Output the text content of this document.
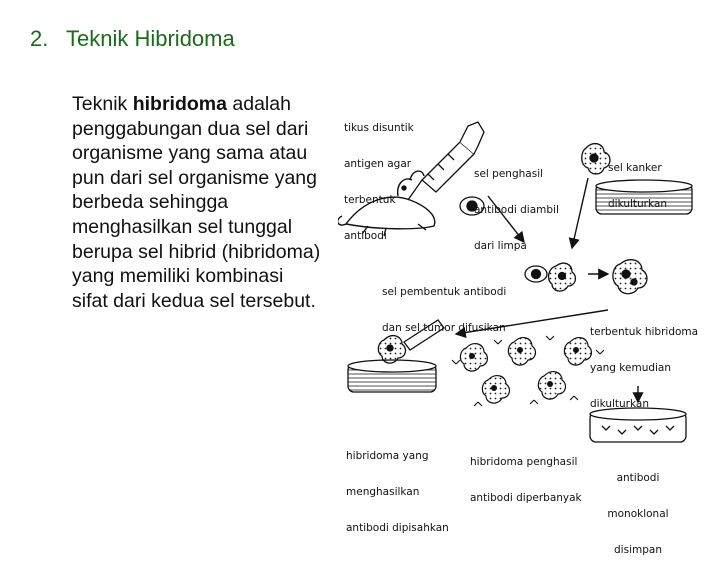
2. Teknik Hibridoma
Teknik hibridoma adalah penggabungan dua sel dari organisme yang sama atau pun dari sel organisme yang berbeda sehingga menghasilkan sel tunggal berupa sel hibrid (hibridoma) yang memiliki kombinasi sifat dari kedua sel tersebut.

tikus disuntik

antigen agar

terbentuk

antibodi

sel penghasil

antibodi diambil

dari limpa

sel kanker

dikulturkan

sel pembentuk antibodi

dan sel tumor difusikan

	terbentuk hibridoma

yang kemudian

dikulturkan

hibridoma yang

menghasilkan

antibodi dipisahkan

hibridoma penghasil

antibodi diperbanyak

antibodi

monoklonal

disimpan
